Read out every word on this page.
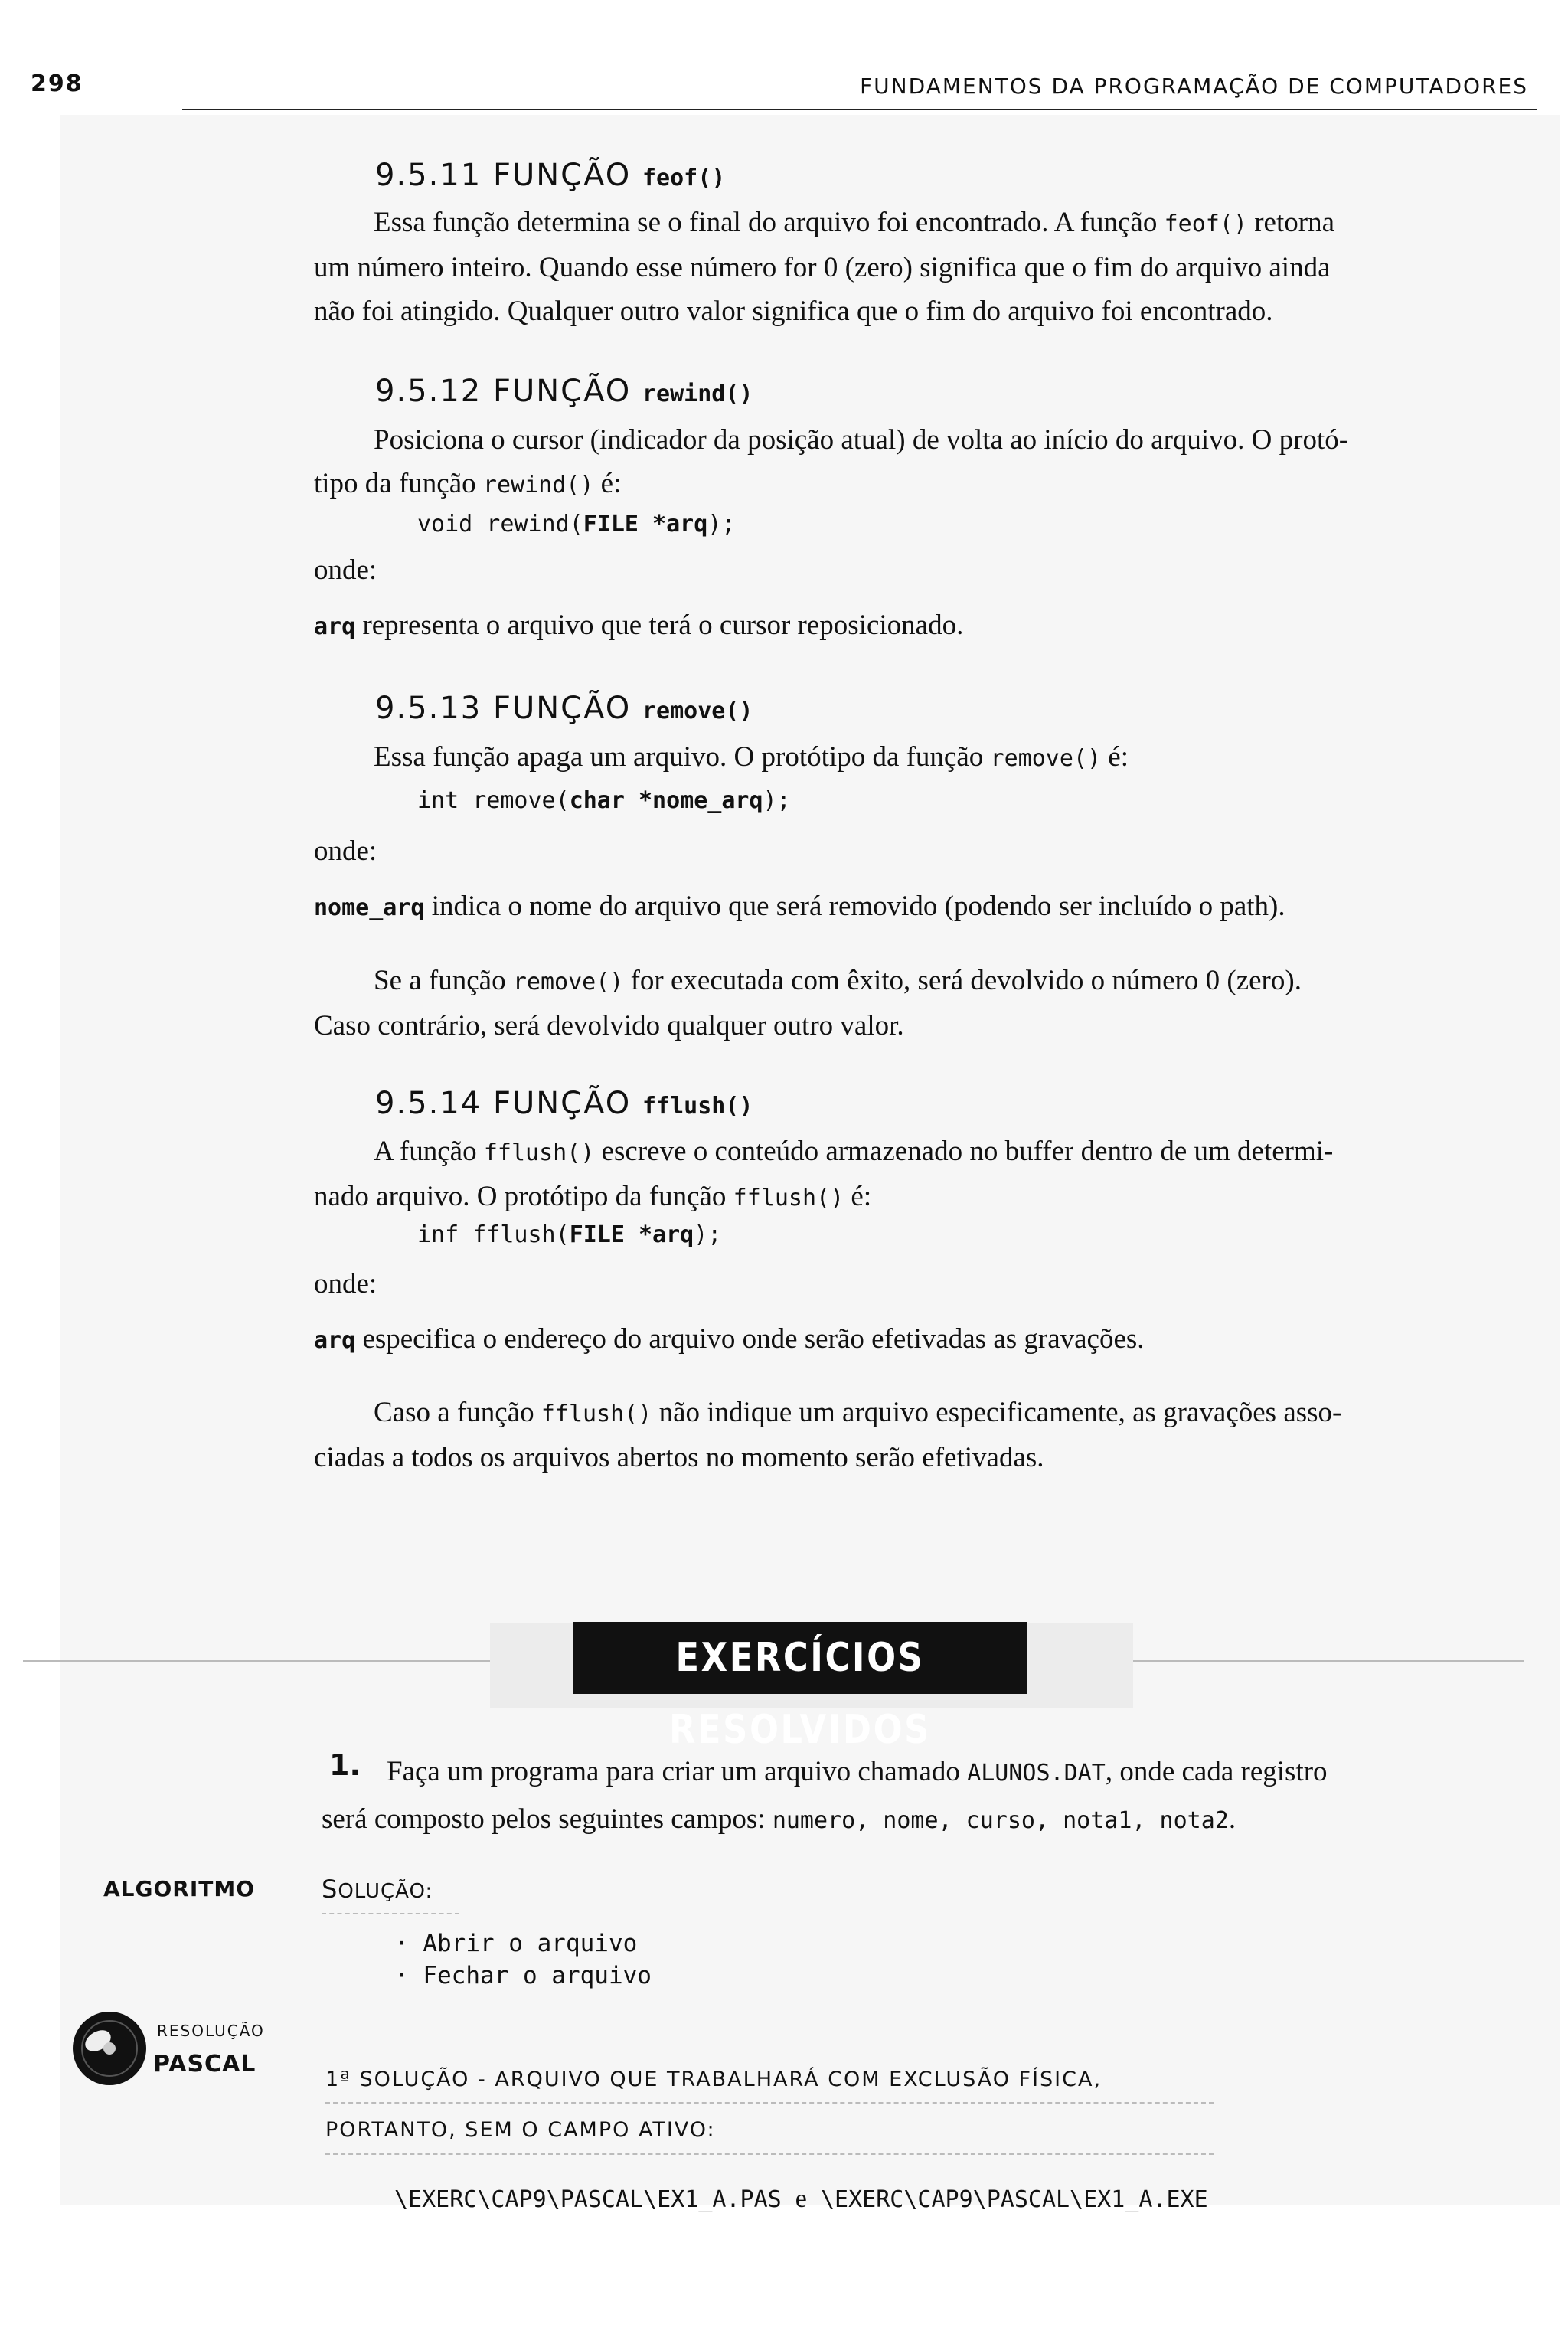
298	FUNDAMENTOS DA PROGRAMAÇÃO DE COMPUTADORES
9.5.11 FUNÇÃO feof()
Essa função determina se o final do arquivo foi encontrado. A função feof() retorna
um número inteiro. Quando esse número for 0 (zero) significa que o fim do arquivo ainda
não foi atingido. Qualquer outro valor significa que o fim do arquivo foi encontrado.
9.5.12 FUNÇÃO rewind()
Posiciona o cursor (indicador da posição atual) de volta ao início do arquivo. O protó-
tipo da função rewind() é:
void rewind(FILE *arq);
onde:
arq representa o arquivo que terá o cursor reposicionado.
9.5.13 FUNÇÃO remove()
Essa função apaga um arquivo. O protótipo da função remove() é:
int remove(char *nome_arq);
onde:
nome_arq indica o nome do arquivo que será removido (podendo ser incluído o path).
Se a função remove() for executada com êxito, será devolvido o número 0 (zero).
Caso contrário, será devolvido qualquer outro valor.
9.5.14 FUNÇÃO fflush()
A função fflush() escreve o conteúdo armazenado no buffer dentro de um determi-
nado arquivo. O protótipo da função fflush() é:
inf fflush(FILE *arq);
onde:
arq especifica o endereço do arquivo onde serão efetivadas as gravações.
Caso a função fflush() não indique um arquivo especificamente, as gravações asso-
ciadas a todos os arquivos abertos no momento serão efetivadas.
EXERCÍCIOS RESOLVIDOS
1. Faça um programa para criar um arquivo chamado ALUNOS.DAT, onde cada registro
será composto pelos seguintes campos: numero, nome, curso, nota1, nota2.
ALGORITMO	SOLUÇÃO:
· Abrir o arquivo
· Fechar o arquivo
RESOLUÇÃO
PASCAL
1ª SOLUÇÃO - ARQUIVO QUE TRABALHARÁ COM EXCLUSÃO FÍSICA,
PORTANTO, SEM O CAMPO ATIVO:
\EXERC\CAP9\PASCAL\EX1_A.PAS e \EXERC\CAP9\PASCAL\EX1_A.EXE
